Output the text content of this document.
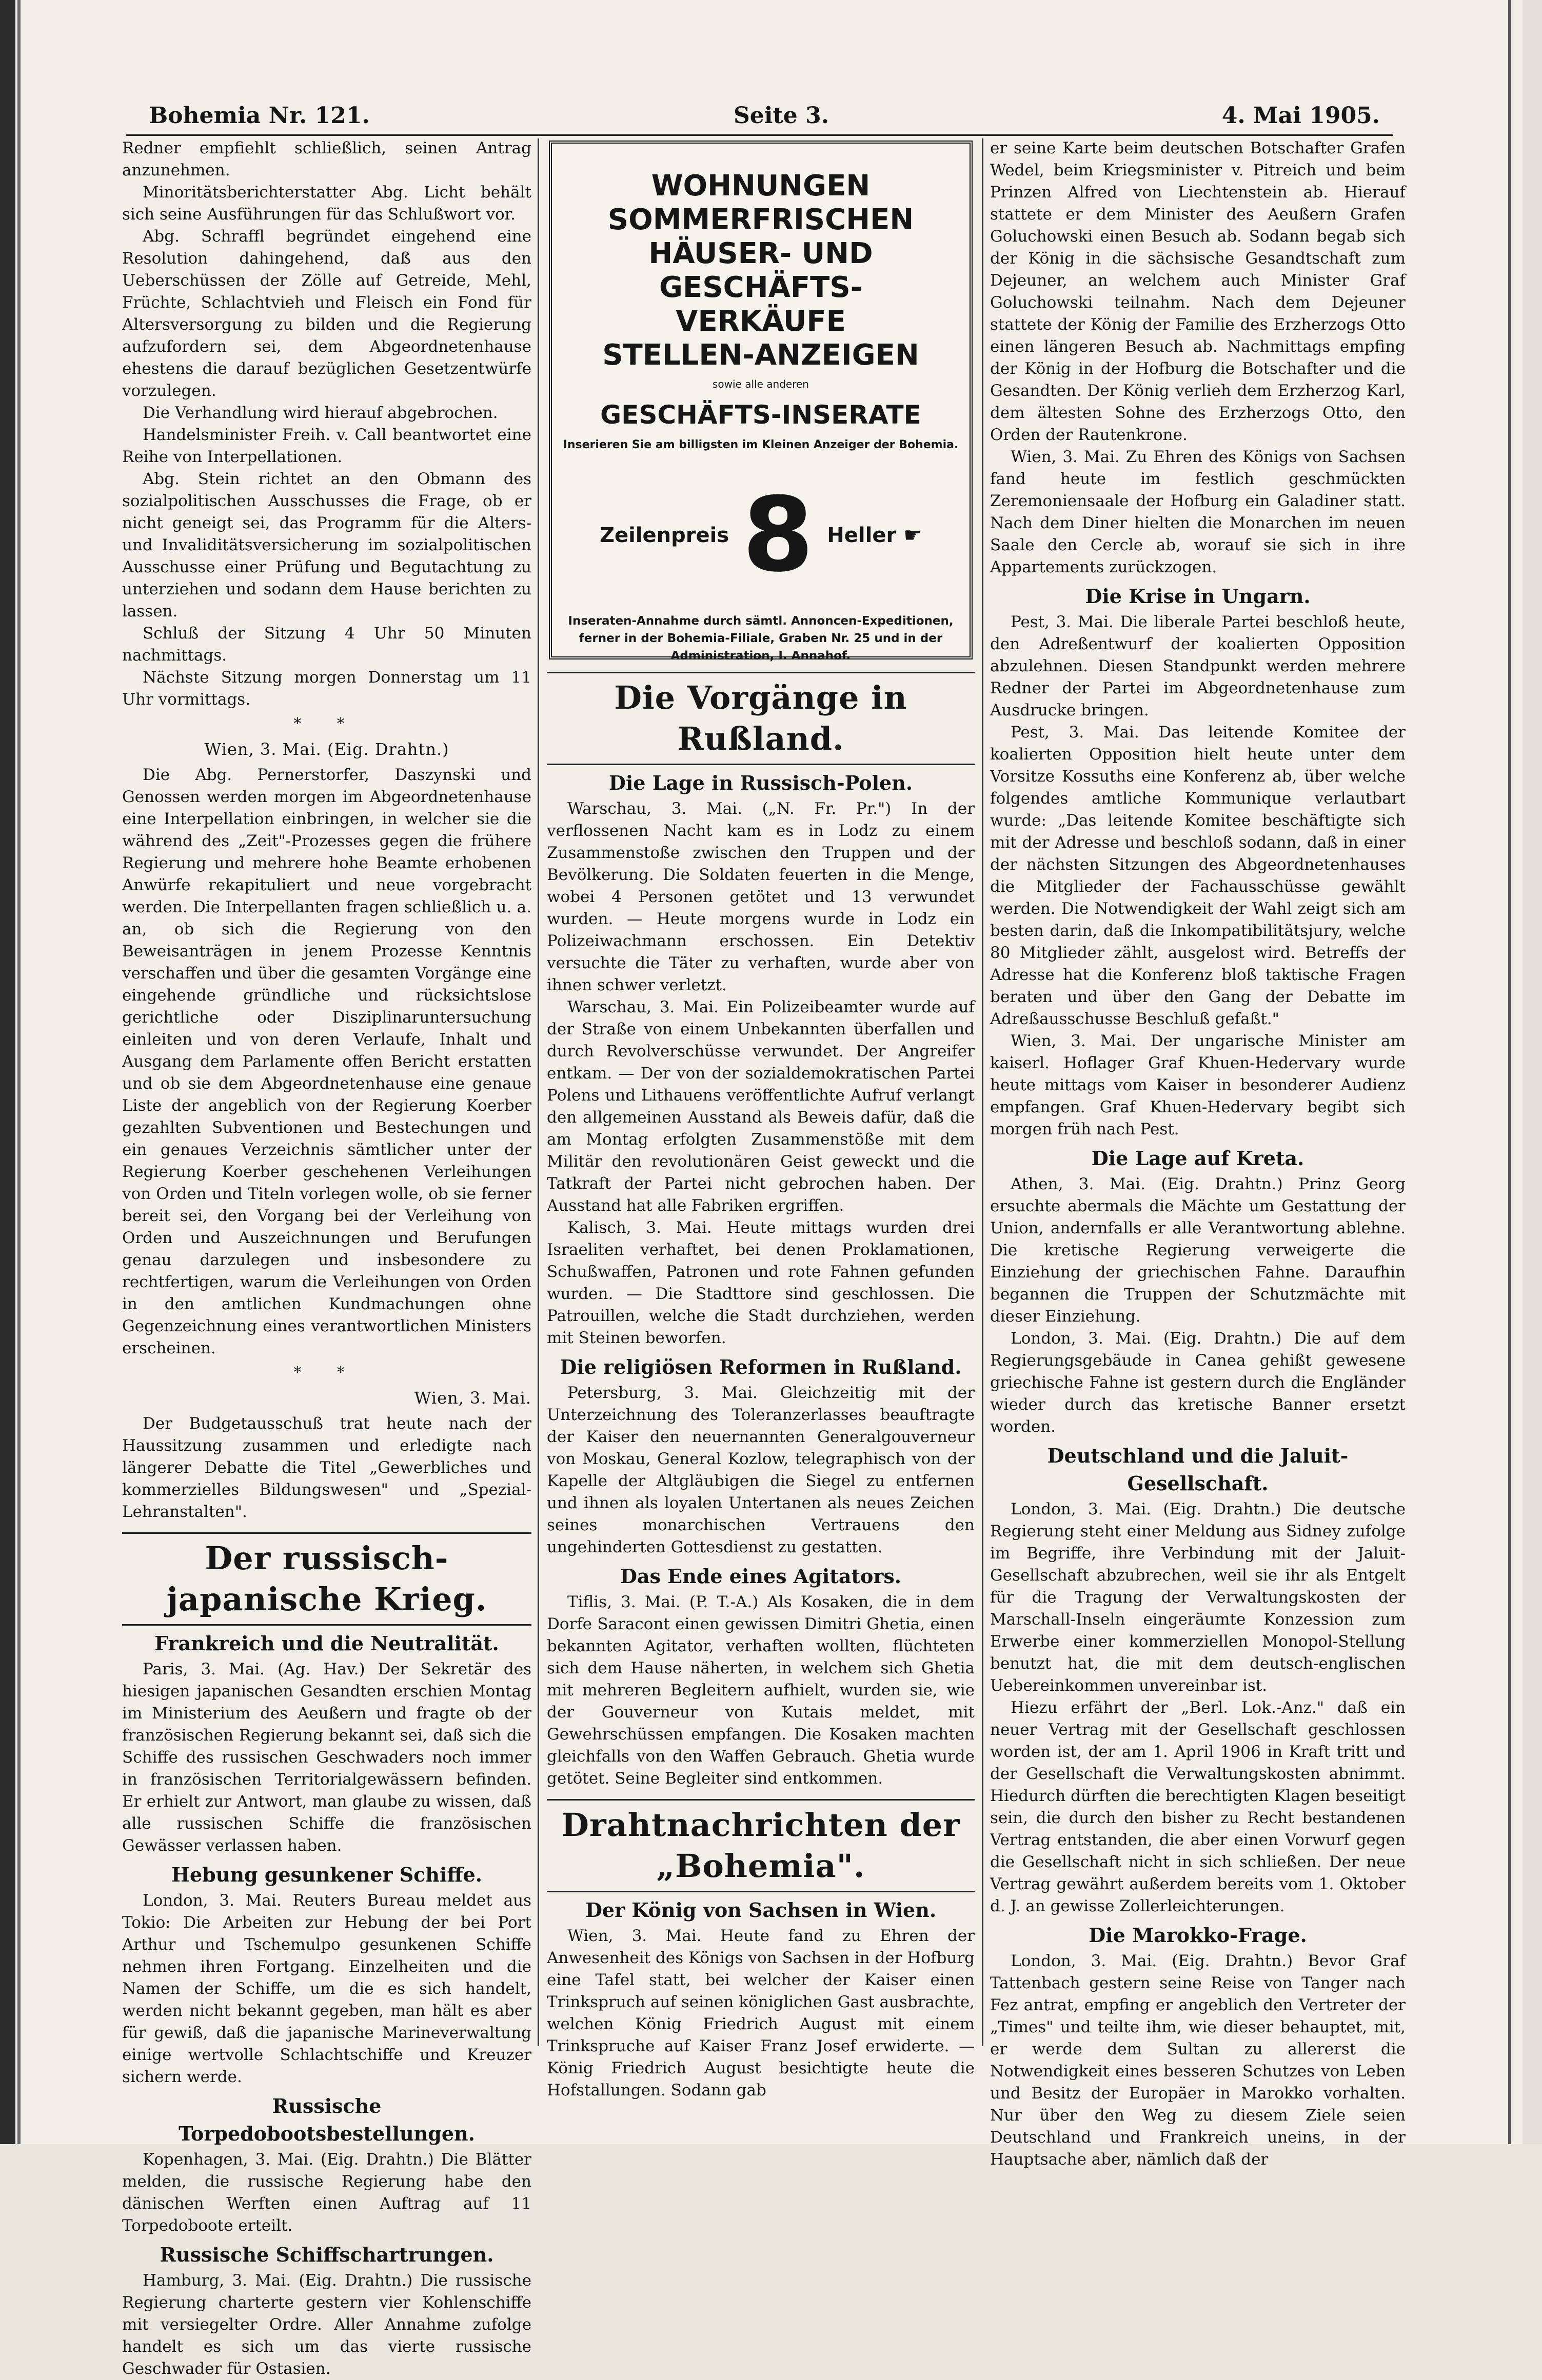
Bohemia Nr. 121.	Seite 3.	4. Mai 1905.

Redner empfiehlt schließlich, seinen Antrag anzunehmen.

Minoritätsberichterstatter Abg. Licht behält sich seine Ausführungen für das Schlußwort vor.

Abg. Schraffl begründet eingehend eine Resolution dahingehend, daß aus den Ueberschüssen der Zölle auf Getreide, Mehl, Früchte, Schlachtvieh und Fleisch ein Fond für Altersversorgung zu bilden und die Regierung aufzufordern sei, dem Abgeordnetenhause ehestens die darauf bezüglichen Gesetzentwürfe vorzulegen.

Die Verhandlung wird hierauf abgebrochen.

Handelsminister Freih. v. Call beantwortet eine Reihe von Interpellationen.

Abg. Stein richtet an den Obmann des sozialpolitischen Ausschusses die Frage, ob er nicht geneigt sei, das Programm für die Alters- und Invaliditätsversicherung im sozialpolitischen Ausschusse einer Prüfung und Begutachtung zu unterziehen und sodann dem Hause berichten zu lassen.

Schluß der Sitzung 4 Uhr 50 Minuten nachmittags.

Nächste Sitzung morgen Donnerstag um 11 Uhr vormittags.

* *
Wien, 3. Mai. (Eig. Drahtn.)

Die Abg. Pernerstorfer, Daszynski und Genossen werden morgen im Abgeordnetenhause eine Interpellation einbringen, in welcher sie die während des „Zeit"-Prozesses gegen die frühere Regierung und mehrere hohe Beamte erhobenen Anwürfe rekapituliert und neue vorgebracht werden. Die Interpellanten fragen schließlich u. a. an, ob sich die Regierung von den Beweisanträgen in jenem Prozesse Kenntnis verschaffen und über die gesamten Vorgänge eine eingehende gründliche und rücksichtslose gerichtliche oder Disziplinaruntersuchung einleiten und von deren Verlaufe, Inhalt und Ausgang dem Parlamente offen Bericht erstatten und ob sie dem Abgeordnetenhause eine genaue Liste der angeblich von der Regierung Koerber gezahlten Subventionen und Bestechungen und ein genaues Verzeichnis sämtlicher unter der Regierung Koerber geschehenen Verleihungen von Orden und Titeln vorlegen wolle, ob sie ferner bereit sei, den Vorgang bei der Verleihung von Orden und Auszeichnungen und Berufungen genau darzulegen und insbesondere zu rechtfertigen, warum die Verleihungen von Orden in den amtlichen Kundmachungen ohne Gegenzeichnung eines verantwortlichen Ministers erscheinen.

* *
Wien, 3. Mai.

Der Budgetausschuß trat heute nach der Haussitzung zusammen und erledigte nach längerer Debatte die Titel „Gewerbliches und kommerzielles Bildungswesen" und „Spezial-Lehranstalten".

Der russisch-japanische Krieg.
Frankreich und die Neutralität.

Paris, 3. Mai. (Ag. Hav.) Der Sekretär des hiesigen japanischen Gesandten erschien Montag im Ministerium des Aeußern und fragte ob der französischen Regierung bekannt sei, daß sich die Schiffe des russischen Geschwaders noch immer in französischen Territorialgewässern befinden. Er erhielt zur Antwort, man glaube zu wissen, daß alle russischen Schiffe die französischen Gewässer verlassen haben.

Hebung gesunkener Schiffe.

London, 3. Mai. Reuters Bureau meldet aus Tokio: Die Arbeiten zur Hebung der bei Port Arthur und Tschemulpo gesunkenen Schiffe nehmen ihren Fortgang. Einzelheiten und die Namen der Schiffe, um die es sich handelt, werden nicht bekannt gegeben, man hält es aber für gewiß, daß die japanische Marineverwaltung einige wertvolle Schlachtschiffe und Kreuzer sichern werde.

Russische Torpedobootsbestellungen.

Kopenhagen, 3. Mai. (Eig. Drahtn.) Die Blätter melden, die russische Regierung habe den dänischen Werften einen Auftrag auf 11 Torpedoboote erteilt.

Russische Schiffschartrungen.

Hamburg, 3. Mai. (Eig. Drahtn.) Die russische Regierung charterte gestern vier Kohlenschiffe mit versiegelter Ordre. Aller Annahme zufolge handelt es sich um das vierte russische Geschwader für Ostasien.

WOHNUNGEN
SOMMERFRISCHEN
HÄUSER- UND GESCHÄFTS-
VERKÄUFE
STELLEN-ANZEIGEN
sowie alle anderen
GESCHÄFTS-INSERATE
Inserieren Sie am billigsten im Kleinen Anzeiger der Bohemia.
Zeilenpreis 8 Heller ☛
Inseraten-Annahme durch sämtl. Annoncen-Expeditionen, ferner in der Bohemia-Filiale, Graben Nr. 25 und in der Administration, I. Annahof.
Die Vorgänge in Rußland.
Die Lage in Russisch-Polen.

Warschau, 3. Mai. („N. Fr. Pr.") In der verflossenen Nacht kam es in Lodz zu einem Zusammenstoße zwischen den Truppen und der Bevölkerung. Die Soldaten feuerten in die Menge, wobei 4 Personen getötet und 13 verwundet wurden. — Heute morgens wurde in Lodz ein Polizeiwachmann erschossen. Ein Detektiv versuchte die Täter zu verhaften, wurde aber von ihnen schwer verletzt.

Warschau, 3. Mai. Ein Polizeibeamter wurde auf der Straße von einem Unbekannten überfallen und durch Revolverschüsse verwundet. Der Angreifer entkam. — Der von der sozialdemokratischen Partei Polens und Lithauens veröffentlichte Aufruf verlangt den allgemeinen Ausstand als Beweis dafür, daß die am Montag erfolgten Zusammenstöße mit dem Militär den revolutionären Geist geweckt und die Tatkraft der Partei nicht gebrochen haben. Der Ausstand hat alle Fabriken ergriffen.

Kalisch, 3. Mai. Heute mittags wurden drei Israeliten verhaftet, bei denen Proklamationen, Schußwaffen, Patronen und rote Fahnen gefunden wurden. — Die Stadttore sind geschlossen. Die Patrouillen, welche die Stadt durchziehen, werden mit Steinen beworfen.

Die religiösen Reformen in Rußland.

Petersburg, 3. Mai. Gleichzeitig mit der Unterzeichnung des Toleranzerlasses beauftragte der Kaiser den neuernannten Generalgouverneur von Moskau, General Kozlow, telegraphisch von der Kapelle der Altgläubigen die Siegel zu entfernen und ihnen als loyalen Untertanen als neues Zeichen seines monarchischen Vertrauens den ungehinderten Gottesdienst zu gestatten.

Das Ende eines Agitators.

Tiflis, 3. Mai. (P. T.-A.) Als Kosaken, die in dem Dorfe Saracont einen gewissen Dimitri Ghetia, einen bekannten Agitator, verhaften wollten, flüchteten sich dem Hause näherten, in welchem sich Ghetia mit mehreren Begleitern aufhielt, wurden sie, wie der Gouverneur von Kutais meldet, mit Gewehrschüssen empfangen. Die Kosaken machten gleichfalls von den Waffen Gebrauch. Ghetia wurde getötet. Seine Begleiter sind entkommen.

Drahtnachrichten der „Bohemia".
Der König von Sachsen in Wien.

Wien, 3. Mai. Heute fand zu Ehren der Anwesenheit des Königs von Sachsen in der Hofburg eine Tafel statt, bei welcher der Kaiser einen Trinkspruch auf seinen königlichen Gast ausbrachte, welchen König Friedrich August mit einem Trinkspruche auf Kaiser Franz Josef erwiderte. — König Friedrich August besichtigte heute die Hofstallungen. Sodann gab

er seine Karte beim deutschen Botschafter Grafen Wedel, beim Kriegsminister v. Pitreich und beim Prinzen Alfred von Liechtenstein ab. Hierauf stattete er dem Minister des Aeußern Grafen Goluchowski einen Besuch ab. Sodann begab sich der König in die sächsische Gesandtschaft zum Dejeuner, an welchem auch Minister Graf Goluchowski teilnahm. Nach dem Dejeuner stattete der König der Familie des Erzherzogs Otto einen längeren Besuch ab. Nachmittags empfing der König in der Hofburg die Botschafter und die Gesandten. Der König verlieh dem Erzherzog Karl, dem ältesten Sohne des Erzherzogs Otto, den Orden der Rautenkrone.

Wien, 3. Mai. Zu Ehren des Königs von Sachsen fand heute im festlich geschmückten Zeremoniensaale der Hofburg ein Galadiner statt. Nach dem Diner hielten die Monarchen im neuen Saale den Cercle ab, worauf sie sich in ihre Appartements zurückzogen.

Die Krise in Ungarn.

Pest, 3. Mai. Die liberale Partei beschloß heute, den Adreßentwurf der koalierten Opposition abzulehnen. Diesen Standpunkt werden mehrere Redner der Partei im Abgeordnetenhause zum Ausdrucke bringen.

Pest, 3. Mai. Das leitende Komitee der koalierten Opposition hielt heute unter dem Vorsitze Kossuths eine Konferenz ab, über welche folgendes amtliche Kommunique verlautbart wurde: „Das leitende Komitee beschäftigte sich mit der Adresse und beschloß sodann, daß in einer der nächsten Sitzungen des Abgeordnetenhauses die Mitglieder der Fachausschüsse gewählt werden. Die Notwendigkeit der Wahl zeigt sich am besten darin, daß die Inkompatibilitätsjury, welche 80 Mitglieder zählt, ausgelost wird. Betreffs der Adresse hat die Konferenz bloß taktische Fragen beraten und über den Gang der Debatte im Adreßausschusse Beschluß gefaßt."

Wien, 3. Mai. Der ungarische Minister am kaiserl. Hoflager Graf Khuen-Hedervary wurde heute mittags vom Kaiser in besonderer Audienz empfangen. Graf Khuen-Hedervary begibt sich morgen früh nach Pest.

Die Lage auf Kreta.

Athen, 3. Mai. (Eig. Drahtn.) Prinz Georg ersuchte abermals die Mächte um Gestattung der Union, andernfalls er alle Verantwortung ablehne. Die kretische Regierung verweigerte die Einziehung der griechischen Fahne. Daraufhin begannen die Truppen der Schutzmächte mit dieser Einziehung.

London, 3. Mai. (Eig. Drahtn.) Die auf dem Regierungsgebäude in Canea gehißt gewesene griechische Fahne ist gestern durch die Engländer wieder durch das kretische Banner ersetzt worden.

Deutschland und die Jaluit-Gesellschaft.

London, 3. Mai. (Eig. Drahtn.) Die deutsche Regierung steht einer Meldung aus Sidney zufolge im Begriffe, ihre Verbindung mit der Jaluit-Gesellschaft abzubrechen, weil sie ihr als Entgelt für die Tragung der Verwaltungskosten der Marschall-Inseln eingeräumte Konzession zum Erwerbe einer kommerziellen Monopol-Stellung benutzt hat, die mit dem deutsch-englischen Uebereinkommen unvereinbar ist.

Hiezu erfährt der „Berl. Lok.-Anz." daß ein neuer Vertrag mit der Gesellschaft geschlossen worden ist, der am 1. April 1906 in Kraft tritt und der Gesellschaft die Verwaltungskosten abnimmt. Hiedurch dürften die berechtigten Klagen beseitigt sein, die durch den bisher zu Recht bestandenen Vertrag entstanden, die aber einen Vorwurf gegen die Gesellschaft nicht in sich schließen. Der neue Vertrag gewährt außerdem bereits vom 1. Oktober d. J. an gewisse Zollerleichterungen.

Die Marokko-Frage.

London, 3. Mai. (Eig. Drahtn.) Bevor Graf Tattenbach gestern seine Reise von Tanger nach Fez antrat, empfing er angeblich den Vertreter der „Times" und teilte ihm, wie dieser behauptet, mit, er werde dem Sultan zu allererst die Notwendigkeit eines besseren Schutzes von Leben und Besitz der Europäer in Marokko vorhalten. Nur über den Weg zu diesem Ziele seien Deutschland und Frankreich uneins, in der Hauptsache aber, nämlich daß der
